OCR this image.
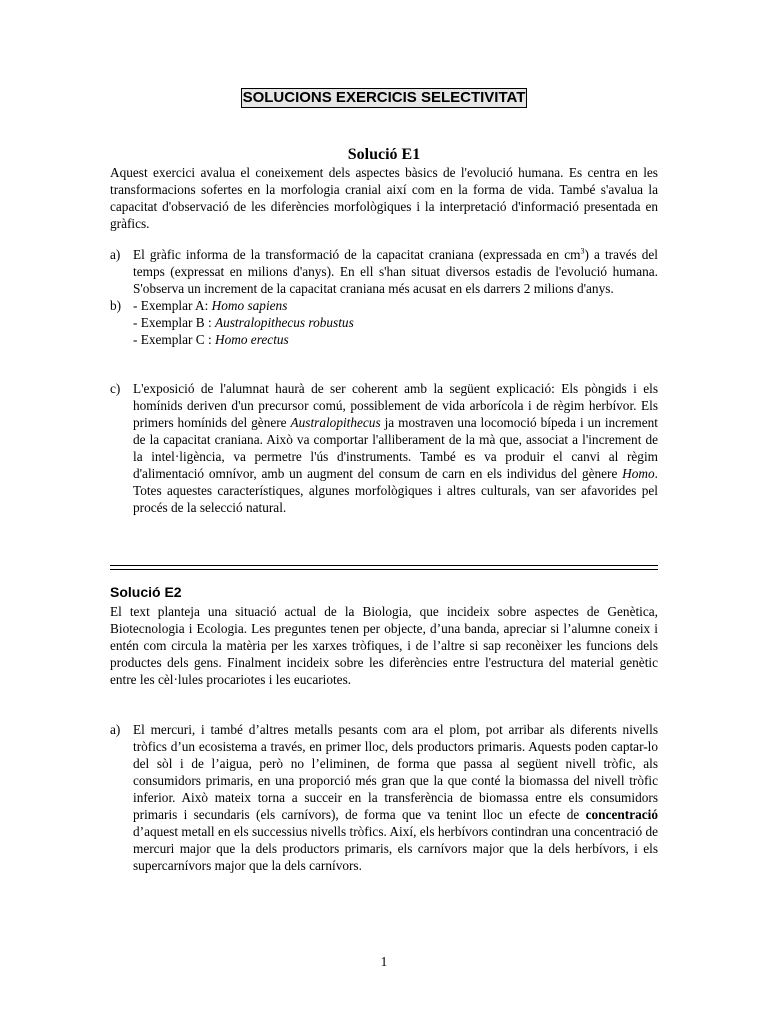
SOLUCIONS EXERCICIS SELECTIVITAT
Solució E1
Aquest exercici avalua el coneixement dels aspectes bàsics de l'evolució humana. Es centra en les transformacions sofertes en la morfologia cranial així com en la forma de vida. També s'avalua la capacitat d'observació de les diferències morfològiques i la interpretació d'informació presentada en gràfics.
a) El gràfic informa de la transformació de la capacitat craniana (expressada en $cm^3$) a través del temps (expressat en milions d'anys). En ell s'han situat diversos estadis de l'evolució humana. S'observa un increment de la capacitat craniana més acusat en els darrers 2 milions d'anys.
b) - Exemplar A: Homo sapiens
- Exemplar B : Australopithecus robustus
- Exemplar C : Homo erectus
c) L'exposició de l'alumnat haurà de ser coherent amb la següent explicació: Els pòngids i els homínids deriven d'un precursor comú, possiblement de vida arborícola i de règim herbívor. Els primers homínids del gènere Australopithecus ja mostraven una locomoció bípeda i un increment de la capacitat craniana. Això va comportar l'alliberament de la mà que, associat a l'increment de la intel·ligència, va permetre l'ús d'instruments. També es va produir el canvi al règim d'alimentació omnívor, amb un augment del consum de carn en els individus del gènere Homo. Totes aquestes característiques, algunes morfològiques i altres culturals, van ser afavorides pel procés de la selecció natural.
Solució E2
El text planteja una situació actual de la Biologia, que incideix sobre aspectes de Genètica, Biotecnologia i Ecologia. Les preguntes tenen per objecte, d’una banda, apreciar si l’alumne coneix i entén com circula la matèria per les xarxes tròfiques, i de l’altre si sap reconèixer les funcions dels productes dels gens. Finalment incideix sobre les diferències entre l'estructura del material genètic entre les cèl·lules procariotes i les eucariotes.
a) El mercuri, i també d’altres metalls pesants com ara el plom, pot arribar als diferents nivells tròfics d’un ecosistema a través, en primer lloc, dels productors primaris. Aquests poden captar-lo del sòl i de l’aigua, però no l’eliminen, de forma que passa al següent nivell tròfic, als consumidors primaris, en una proporció més gran que la que conté la biomassa del nivell tròfic inferior. Això mateix torna a succeir en la transferència de biomassa entre els consumidors primaris i secundaris (els carnívors), de forma que va tenint lloc un efecte de concentració d’aquest metall en els successius nivells tròfics. Així, els herbívors contindran una concentració de mercuri major que la dels productors primaris, els carnívors major que la dels herbívors, i els supercarnívors major que la dels carnívors.
1
